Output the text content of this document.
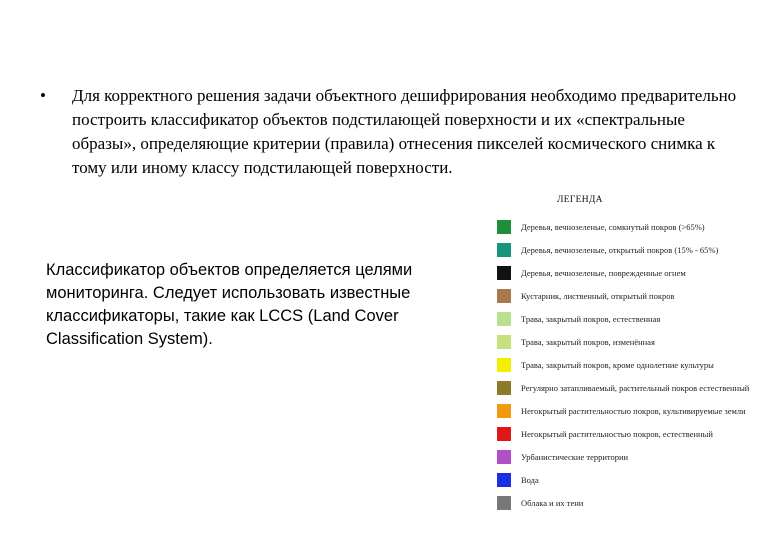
•	Для корректного решения задачи объектного дешифрирования необходимо предварительно построить классификатор объектов подстилающей поверхности и их «спектральные образы», определяющие критерии (правила) отнесения пикселей космического снимка к тому или иному классу подстилающей поверхности.
Классификатор объектов определяется целями мониторинга. Следует использовать известные классификаторы, такие как LCCS (Land Cover Classification System).
ЛЕГЕНДА
Деревья, вечнозеленые, сомкнутый покров (>65%)
Деревья, вечнозеленые, открытый покров (15% - 65%)
Деревья, вечнозеленые, поврежденные огнем
Кустарник, лиственный, открытый покров
Трава, закрытый покров, естественная
Трава, закрытый покров, изменённая
Трава, закрытый покров, кроме однолетние культуры
Регулярно затапливаемый, растительный покров естественный
Негокрытый растительностью покров, культивируемые земли
Негокрытый растительностью покров, естественный
Урбанистические территории
Вода
Облака и их тени
